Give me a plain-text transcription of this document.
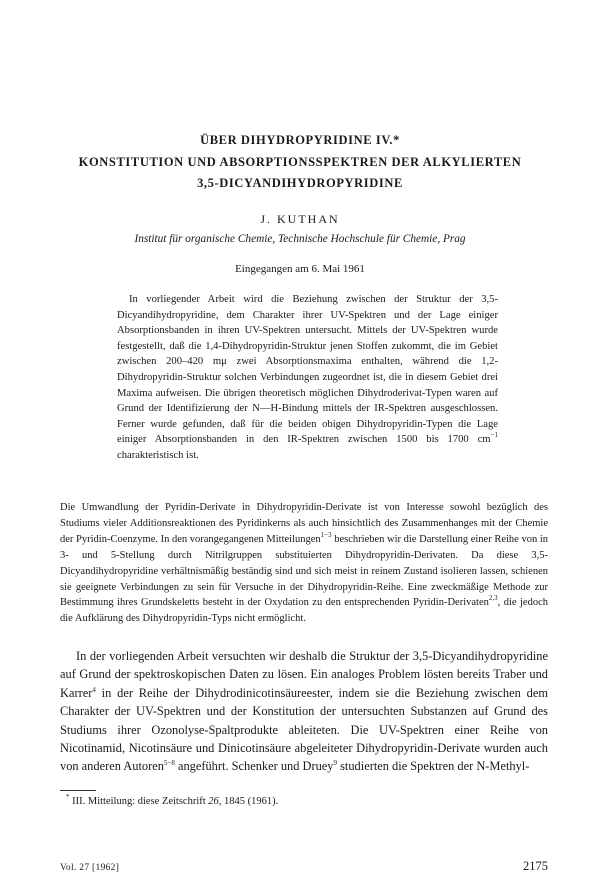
ÜBER DIHYDROPYRIDINE IV.*
KONSTITUTION UND ABSORPTIONSSPEKTREN DER ALKYLIERTEN
3,5-DICYANDIHYDROPYRIDINE
J. KUTHAN
Institut für organische Chemie, Technische Hochschule für Chemie, Prag
Eingegangen am 6. Mai 1961

In vorliegender Arbeit wird die Beziehung zwischen der Struktur der 3,5-Dicyandihydropyridine, dem Charakter ihrer UV-Spektren und der Lage einiger Absorptionsbanden in ihren UV-Spektren untersucht. Mittels der UV-Spektren wurde festgestellt, daß die 1,4-Dihydropyridin-Struktur jenen Stoffen zukommt, die im Gebiet zwischen 200–420 mμ zwei Absorptionsmaxima enthalten, während die 1,2-Dihydropyridin-Struktur solchen Verbindungen zugeordnet ist, die in diesem Gebiet drei Maxima aufweisen. Die übrigen theoretisch möglichen Dihydroderivat-Typen waren auf Grund der Identifizierung der N—H-Bindung mittels der IR-Spektren ausgeschlossen. Ferner wurde gefunden, daß für die beiden obigen Dihydropyridin-Typen die Lage einiger Absorptionsbanden in den IR-Spektren zwischen 1500 bis 1700 $cm^{-1}$ charakteristisch ist.

Die Umwandlung der Pyridin-Derivate in Dihydropyridin-Derivate ist von Interesse sowohl bezüglich des Studiums vieler Additionsreaktionen des Pyridinkerns als auch hinsichtlich des Zusammenhanges mit der Chemie der Pyridin-Coenzyme. In den vorangegangenen Mitteilungen$^{1-3}$ beschrieben wir die Darstellung einer Reihe von in 3- und 5-Stellung durch Nitrilgruppen substituierten Dihydropyridin-Derivaten. Da diese 3,5-Dicyandihydropyridine verhältnismäßig beständig sind und sich meist in reinem Zustand isolieren lassen, schienen sie geeignete Verbindungen zu sein für Versuche in der Dihydropyridin-Reihe. Eine zweckmäßige Methode zur Bestimmung ihres Grundskeletts besteht in der Oxydation zu den entsprechenden Pyridin-Derivaten$^{2,3}$, die jedoch die Aufklärung des Dihydropyridin-Typs nicht ermöglicht.

In der vorliegenden Arbeit versuchten wir deshalb die Struktur der 3,5-Dicyandihydropyridine auf Grund der spektroskopischen Daten zu lösen. Ein analoges Problem lösten bereits Traber und Karrer$^4$ in der Reihe der Dihydrodinicotinsäureester, indem sie die Beziehung zwischen dem Charakter der UV-Spektren und der Konstitution der untersuchten Substanzen auf Grund des Studiums ihrer Ozonolyse-Spaltprodukte ableiteten. Die UV-Spektren einer Reihe von Nicotinamid, Nicotinsäure und Dinicotinsäure abgeleiteter Dihydropyridin-Derivate wurden auch von anderen Autoren$^{5-8}$ angeführt. Schenker und Druey$^9$ studierten die Spektren der N-Methyl-

* III. Mitteilung: diese Zeitschrift 26, 1845 (1961).
Vol. 27 [1962]	2175
